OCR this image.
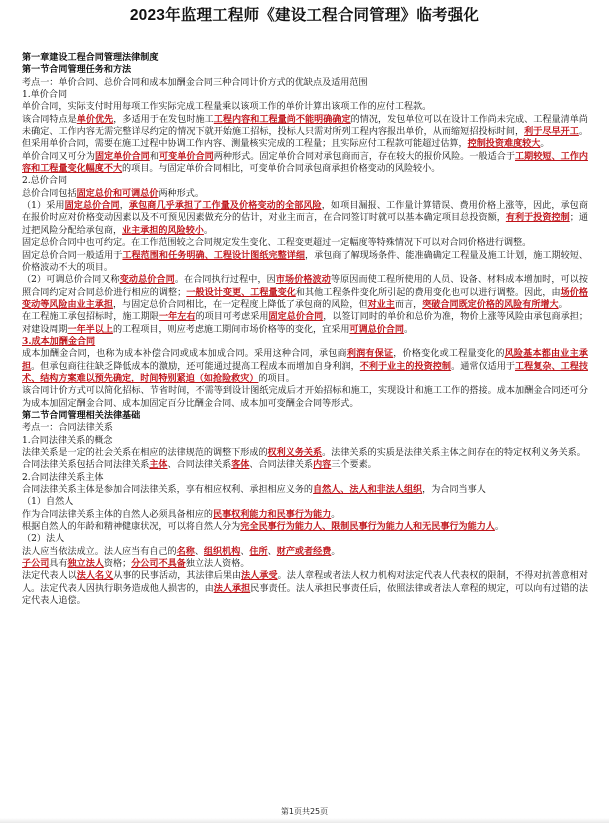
2023年监理工程师《建设工程合同管理》临考强化
第一章建设工程合同管理法律制度
第一节合同管理任务和方法
考点一：单价合同、总价合同和成本加酬金合同三种合同计价方式的优缺点及适用范围
1.单价合同
单价合同，实际支付时用每项工作实际完成工程量乘以该项工作的单价计算出该项工作的应付工程款。
该合同特点是单价优先，多适用于在发包时施工工程内容和工程量尚不能明确确定的情况，发包单位可以在设计工作尚未完成、工程量清单尚未确定、工作内容无需完整详尽约定的情况下就开始施工招标，投标人只需对所列工程内容报出单价，从而缩短招投标时间，利于尽早开工。但采用单价合同，需要在施工过程中协调工作内容、测量核实完成的工程量；且实际应付工程款可能超过估算，控制投资难度较大。
单价合同又可分为固定单价合同和可变单价合同两种形式。固定单价合同对承包商而言，存在较大的报价风险。一般适合于工期较短、工作内容和工程量变化幅度不大的项目。与固定单价合同相比，可变单价合同承包商承担价格变动的风险较小。
2.总价合同
总价合同包括固定总价和可调总价两种形式。
（1）采用固定总价合同，承包商几乎承担了工作量及价格变动的全部风险，如项目漏报、工作量计算错误、费用价格上涨等，因此，承包商在报价时应对价格变动因素以及不可预见因素做充分的估计，对业主而言，在合同签订时就可以基本确定项目总投资额，有利于投资控制；通过把风险分配给承包商，业主承担的风险较小。
固定总价合同中也可约定。在工作范围较之合同规定发生变化、工程变更超过一定幅度等特殊情况下可以对合同价格进行调整。
固定总价合同一般适用于工程范围和任务明确、工程设计图纸完整详细，承包商了解现场条件、能准确确定工程量及施工计划，施工期较短、价格波动不大的项目。
（2）可调总价合同又称变动总价合同。在合同执行过程中，因市场价格波动等原因而使工程所使用的人员、设备、材料成本增加时，可以按照合同约定对合同总价进行相应的调整；一般设计变更、工程量变化和其他工程条件变化所引起的费用变化也可以进行调整。因此，由场价格变动等风险由业主承担，与固定总价合同相比，在一定程度上降低了承包商的风险，但对业主而言，突破合同既定价格的风险有所增大。
在工程施工承包招标时，施工期限一年左右的项目可考虑采用固定总价合同，以签订同时的单价和总价为准，物价上涨等风险由承包商承担；对建设周期一年半以上的工程项目，则应考虑施工期间市场价格等的变化，宜采用可调总价合同。
3.成本加酬金合同
成本加酬金合同，也称为成本补偿合同或成本加成合同。采用这种合同，承包商利润有保证，价格变化或工程量变化的风险基本都由业主承担。但承包商往往缺乏降低成本的激励，还可能通过提高工程成本而增加自身利润，不利于业主的投资控制。通常仅适用于工程复杂、工程技术、结构方案难以预先确定，时间特别紧迫（如抢险救灾）的项目。
该合同计价方式可以简化招标、节省时间，不需等到设计图纸完成后才开始招标和施工，实现设计和施工工作的搭接。成本加酬金合同还可分为成本加固定酬金合同、成本加固定百分比酬金合同、成本加可变酬金合同等形式。
第二节合同管理相关法律基础
考点一：合同法律关系
1.合同法律关系的概念
法律关系是一定的社会关系在相应的法律规范的调整下形成的权利义务关系。法律关系的实质是法律关系主体之间存在的特定权利义务关系。
合同法律关系包括合同法律关系主体、合同法律关系客体、合同法律关系内容三个要素。
2.合同法律关系主体
合同法律关系主体是参加合同法律关系，享有相应权利、承担相应义务的自然人、法人和非法人组织，为合同当事人
（1）自然人
作为合同法律关系主体的自然人必须具备相应的民事权利能力和民事行为能力。
根据自然人的年龄和精神健康状况，可以将自然人分为完全民事行为能力人、限制民事行为能力人和无民事行为能力人。
（2）法人
法人应当依法成立。法人应当有自己的名称、组织机构、住所、财产或者经费。
子公司具有独立法人资格；分公司不具备独立法人资格。
法定代表人以法人名义从事的民事活动，其法律后果由法人承受。法人章程或者法人权力机构对法定代表人代表权的限制，不得对抗善意相对人。法定代表人因执行职务造成他人损害的，由法人承担民事责任。法人承担民事责任后，依照法律或者法人章程的规定，可以向有过错的法定代表人追偿。
第1页共25页
